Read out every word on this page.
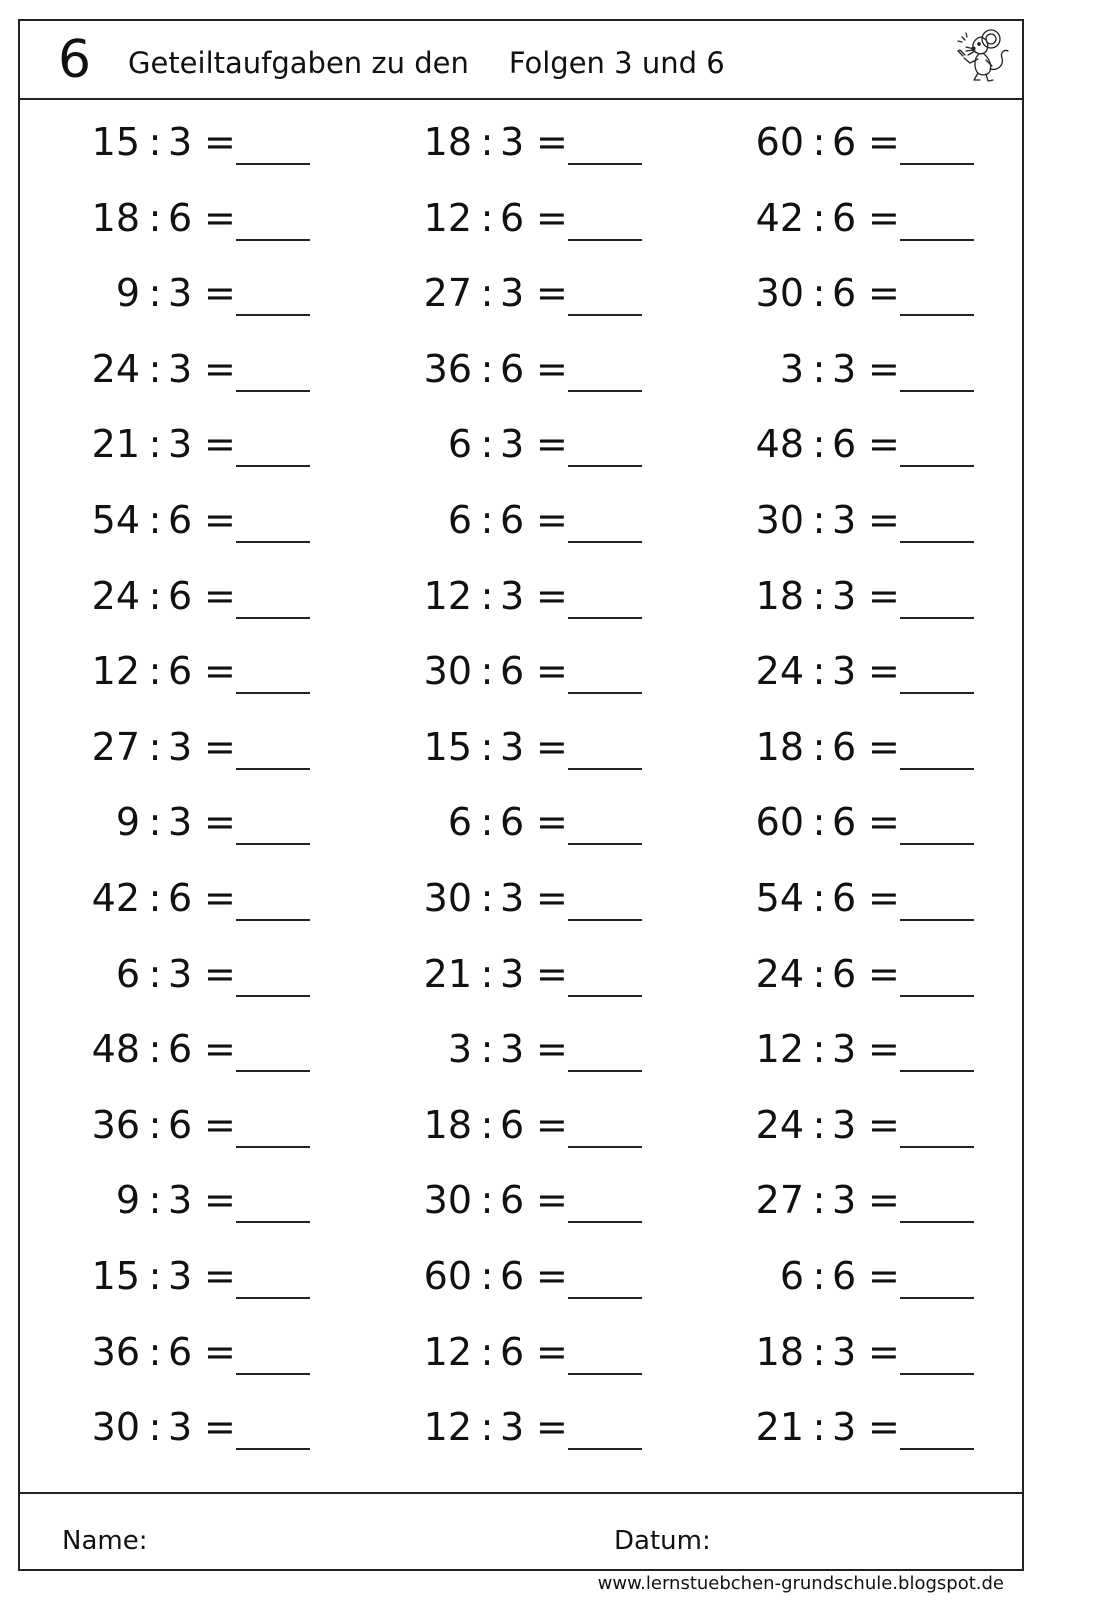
6 Geteiltaufgaben zu den Folgen 3 und 6
15 : 3 =	18 : 3 =	60 : 6 =
18 : 6 =	12 : 6 =	42 : 6 =
9 : 3 =	27 : 3 =	30 : 6 =
24 : 3 =	36 : 6 =	3 : 3 =
21 : 3 =	6 : 3 =	48 : 6 =
54 : 6 =	6 : 6 =	30 : 3 =
24 : 6 =	12 : 3 =	18 : 3 =
12 : 6 =	30 : 6 =	24 : 3 =
27 : 3 =	15 : 3 =	18 : 6 =
9 : 3 =	6 : 6 =	60 : 6 =
42 : 6 =	30 : 3 =	54 : 6 =
6 : 3 =	21 : 3 =	24 : 6 =
48 : 6 =	3 : 3 =	12 : 3 =
36 : 6 =	18 : 6 =	24 : 3 =
9 : 3 =	30 : 6 =	27 : 3 =
15 : 3 =	60 : 6 =	6 : 6 =
36 : 6 =	12 : 6 =	18 : 3 =
30 : 3 =	12 : 3 =	21 : 3 =
Name:	Datum:
www.lernstuebchen-grundschule.blogspot.de
